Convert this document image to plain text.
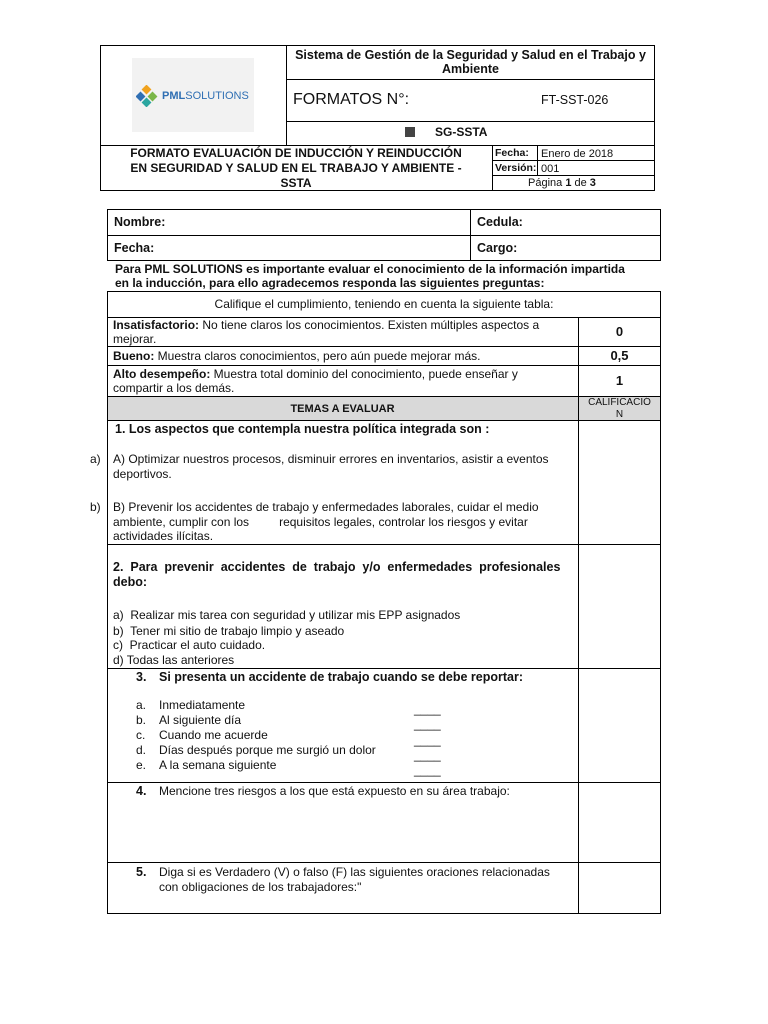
PMLSOLUTIONS
Sistema de Gestión de la Seguridad y Salud en el Trabajo y
Ambiente
FORMATOS N°:	FT-SST-026
SG-SSTA
FORMATO EVALUACIÓN DE INDUCCIÓN Y REINDUCCIÓN
EN SEGURIDAD Y SALUD EN EL TRABAJO Y AMBIENTE -
SSTA
Fecha: Enero de 2018
Versión: 001
Página 1 de 3
Nombre:	Cedula:
Fecha:	Cargo:
Para PML SOLUTIONS es importante evaluar el conocimiento de la información impartida
en la inducción, para ello agradecemos responda las siguientes preguntas:
Califique el cumplimiento, teniendo en cuenta la siguiente tabla:
Insatisfactorio: No tiene claros los conocimientos. Existen múltiples aspectos a
mejorar.	0
Bueno: Muestra claros conocimientos, pero aún puede mejorar más.	0,5
Alto desempeño: Muestra total dominio del conocimiento, puede enseñar y
compartir a los demás.	1
TEMAS A EVALUAR
CALIFICACIÓ
N
1. Los aspectos que contempla nuestra política integrada son :
a) A) Optimizar nuestros procesos, disminuir errores en inventarios, asistir a eventos
deportivos.
b) B) Prevenir los accidentes de trabajo y enfermedades laborales, cuidar el medio
ambiente, cumplir con los         requisitos legales, controlar los riesgos y evitar
actividades ilícitas.
2.  Para  prevenir  accidentes  de  trabajo  y/o  enfermedades  profesionales
debo:
a)  Realizar mis tarea con seguridad y utilizar mis EPP asignados
b)  Tener mi sitio de trabajo limpio y aseado
c)  Practicar el auto cuidado.
d) Todas las anteriores
3. Si presenta un accidente de trabajo cuando se debe reportar:
a. Inmediatamente	____
b. Al siguiente día	____
c. Cuando me acuerde	____
d. Días después porque me surgió un dolor	____
e. A la semana siguiente	____
4. Mencione tres riesgos a los que está expuesto en su área trabajo:
5. Diga si es Verdadero (V) o falso (F) las siguientes oraciones relacionadas
con obligaciones de los trabajadores:"
